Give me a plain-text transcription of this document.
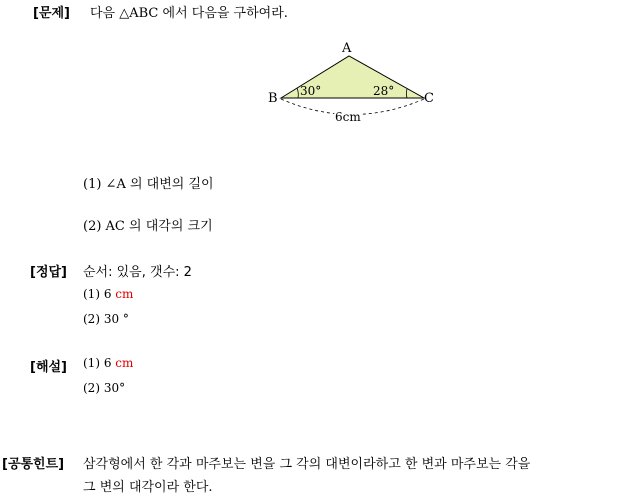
[문제] 다음 △ABC 에서 다음을 구하여라.
A
B	C
30°	28°
6cm
(1) ∠A 의 대변의 길이
(2) AC 의 대각의 크기
[정답] 순서: 있음, 갯수: 2
(1) 6 cm
(2) 30 °
[해설] (1) 6 cm
(2) 30°
[공통힌트] 삼각형에서 한 각과 마주보는 변을 그 각의 대변이라하고 한 변과 마주보는 각을
그 변의 대각이라 한다.
